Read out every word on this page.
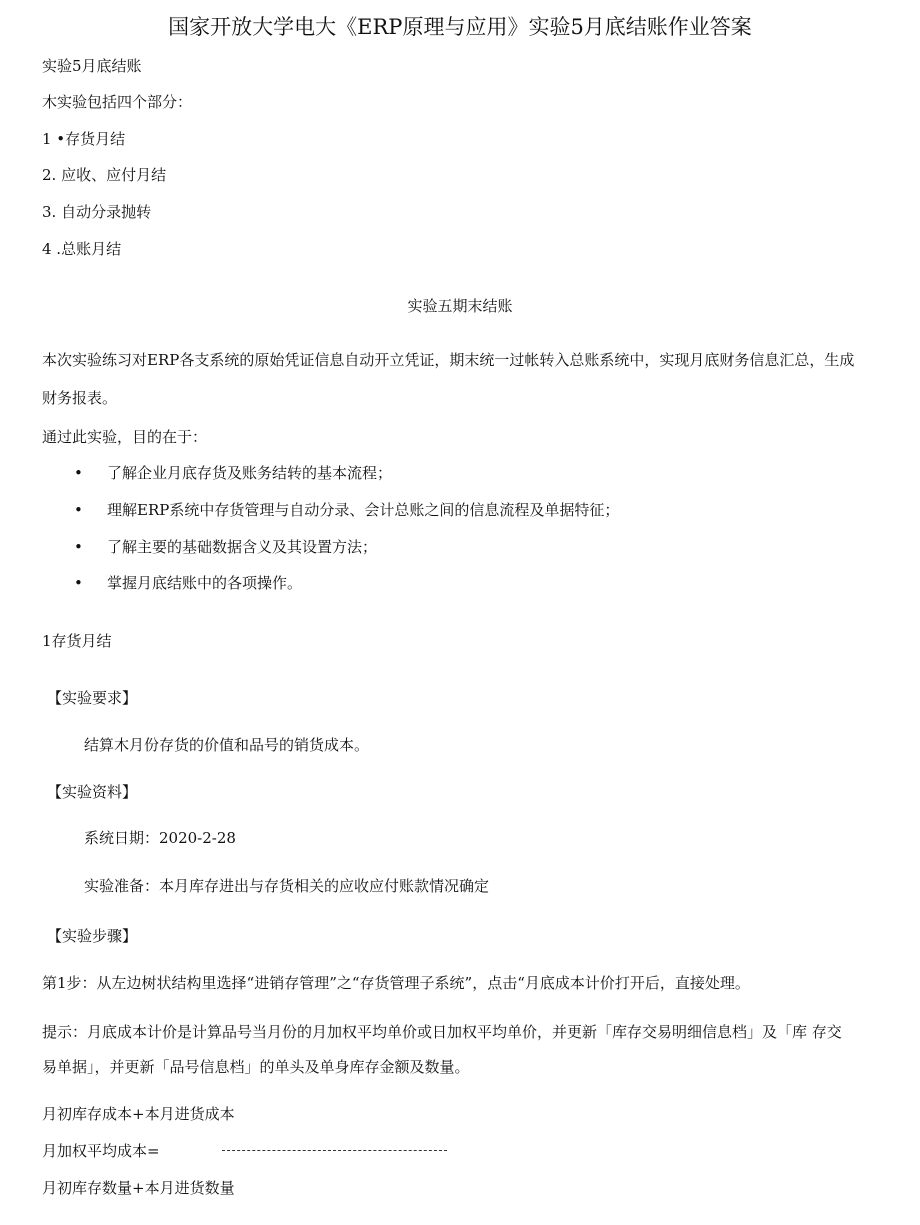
国家开放大学电大《ERP原理与应用》实验5月底结账作业答案
实验5月底结账
木实验包括四个部分：
1 •存货月结
2. 应收、应付月结
3. 自动分录抛转
4 .总账月结
实验五期末结账
本次实验练习对ERP各支系统的原始凭证信息自动开立凭证，期末统一过帐转入总账系统中，实现月底财务信息汇总，生成
财务报表。
通过此实验，目的在于：
• 了解企业月底存货及账务结转的基本流程；
• 理解ERP系统中存货管理与自动分录、会计总账之间的信息流程及单据特征；
• 了解主要的基础数据含义及其设置方法；
• 掌握月底结账中的各项操作。
1存货月结
【实验要求】
结算木月份存货的价值和品号的销货成本。
【实验资料】
系统日期：2020-2-28
实验准备：本月库存进出与存货相关的应收应付账款情况确定
【实验步骤】
第1步：从左边树状结构里选择“进销存管理”之“存货管理子系统”，点击“月底成本计价打开后，直接处理。
提示：月底成本计价是计算品号当月份的月加权平均单价或日加权平均单价，并更新「库存交易明细信息档」及「库 存交
易单据」，并更新「品号信息档」的单头及单身库存金额及数量。
月初库存成本+本月进货成本
月加权平均成本=
月初库存数量+本月进货数量
